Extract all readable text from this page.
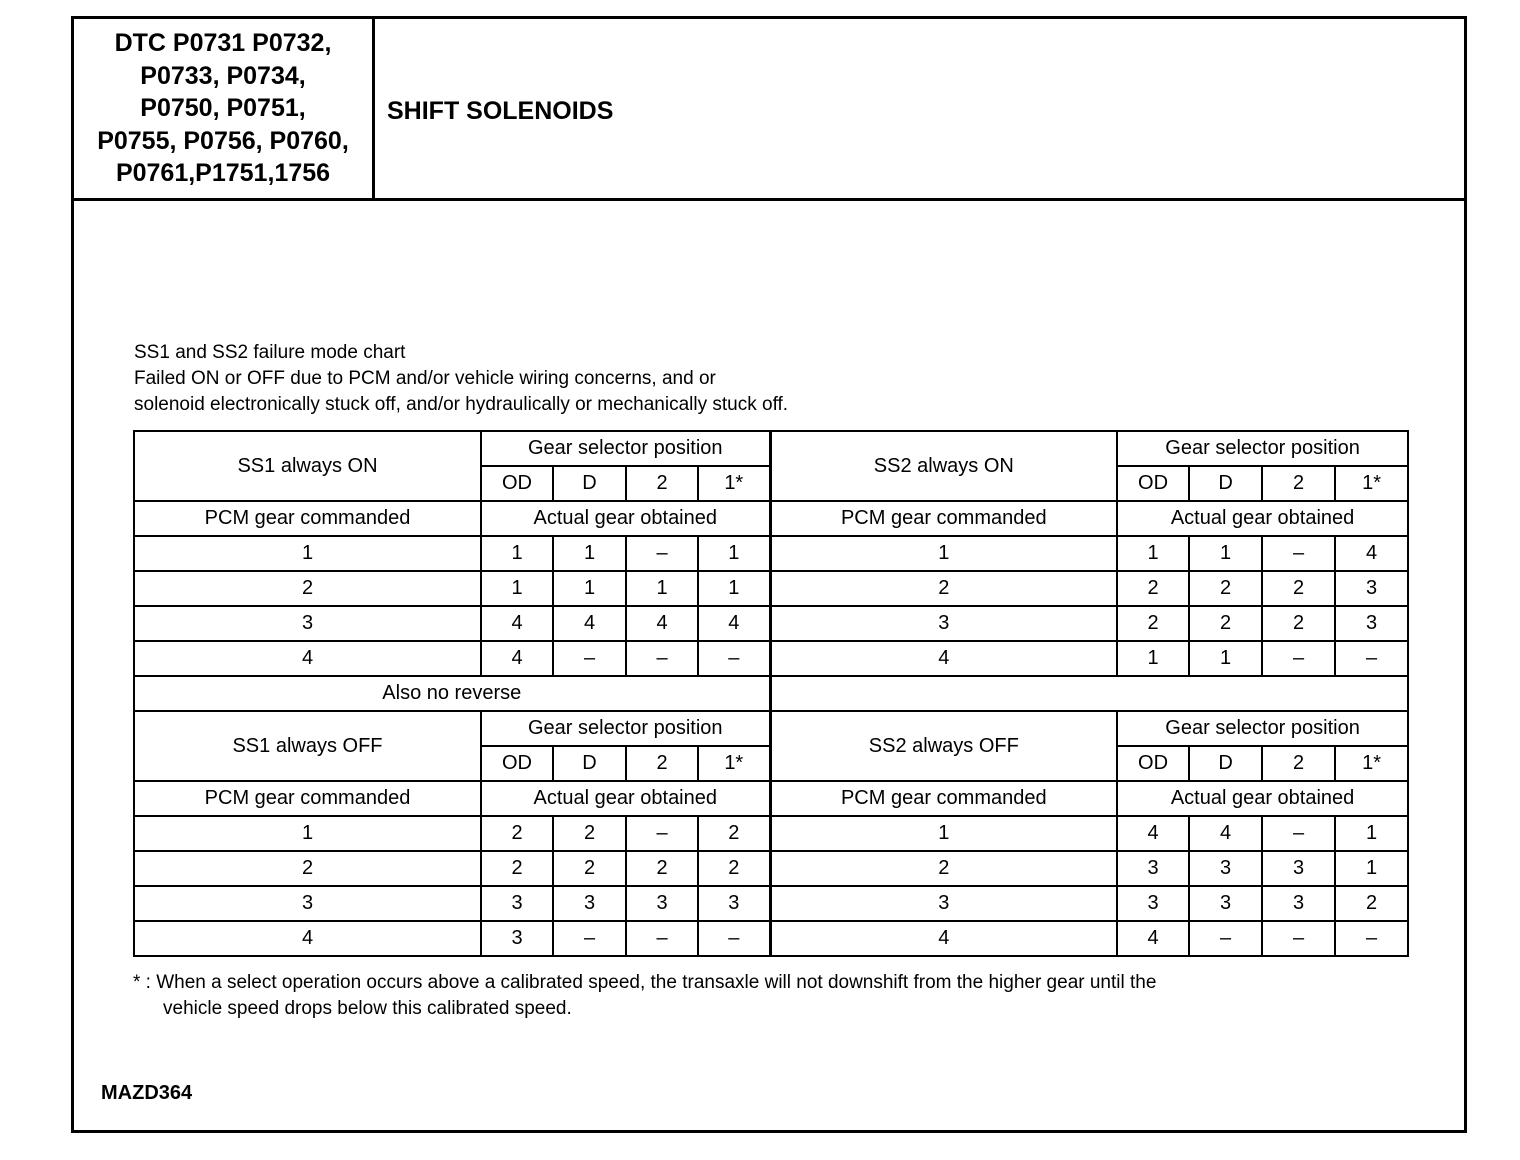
DTC P0731 P0732,
P0733, P0734,
P0750, P0751,
P0755, P0756, P0760,
P0761,P1751,1756
SHIFT SOLENOIDS
SS1 and SS2 failure mode chart
Failed ON or OFF due to PCM and/or vehicle wiring concerns, and or
solenoid electronically stuck off, and/or hydraulically or mechanically stuck off.
SS1 always ON	Gear selector position				SS2 always ON	Gear selector position			
	OD	D	2	1*		OD	D	2	1*
PCM gear commanded	Actual gear obtained				PCM gear commanded	Actual gear obtained			
1	1	1	–	1	1	1	1	–	4
2	1	1	1	1	2	2	2	2	3
3	4	4	4	4	3	2	2	2	3
4	4	–	–	–	4	1	1	–	–
Also no reverse									
SS1 always OFF	Gear selector position				SS2 always OFF	Gear selector position			
	OD	D	2	1*		OD	D	2	1*
PCM gear commanded	Actual gear obtained				PCM gear commanded	Actual gear obtained			
1	2	2	–	2	1	4	4	–	1
2	2	2	2	2	2	3	3	3	1
3	3	3	3	3	3	3	3	3	2
4	3	–	–	–	4	4	–	–	–
* : When a select operation occurs above a calibrated speed, the transaxle will not downshift from the higher gear until the
vehicle speed drops below this calibrated speed.
MAZD364
